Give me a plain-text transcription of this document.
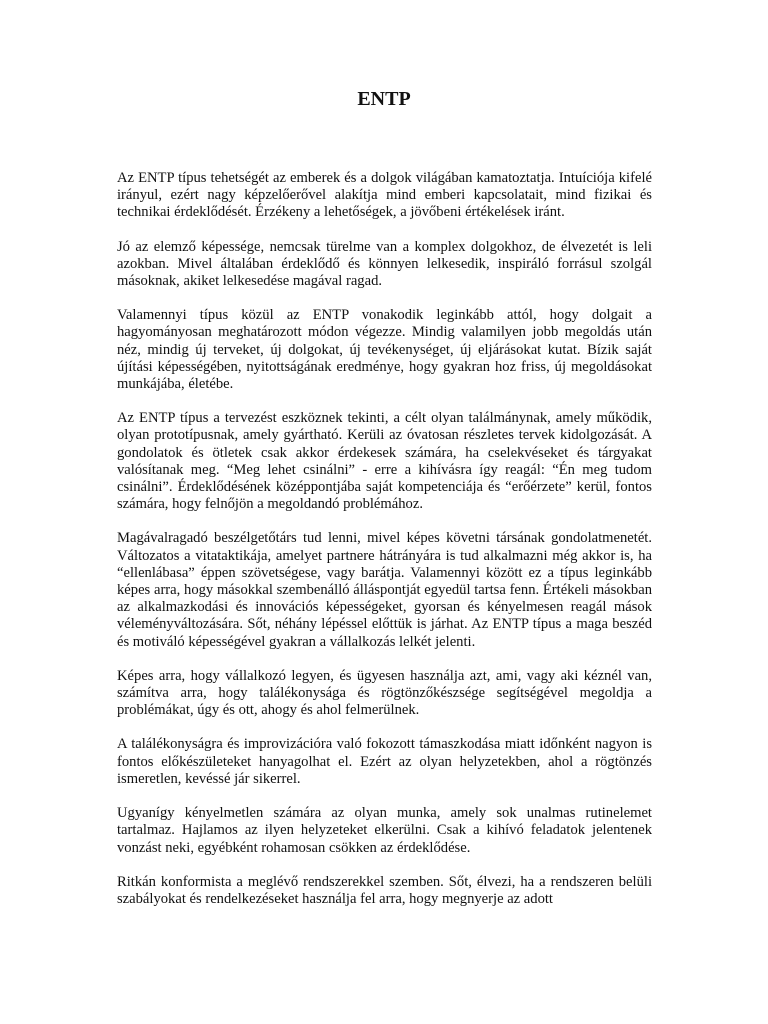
ENTP

Az ENTP típus tehetségét az emberek és a dolgok világában kamatoztatja. Intuíciója kifelé irányul, ezért nagy képzelőerővel alakítja mind emberi kapcsolatait, mind fizikai és technikai érdeklődését. Érzékeny a lehetőségek, a jövőbeni értékelések iránt.

Jó az elemző képessége, nemcsak türelme van a komplex dolgokhoz, de élvezetét is leli azokban. Mivel általában érdeklődő és könnyen lelkesedik, inspiráló forrásul szolgál másoknak, akiket lelkesedése magával ragad.

Valamennyi típus közül az ENTP vonakodik leginkább attól, hogy dolgait a hagyományosan meghatározott módon végezze. Mindig valamilyen jobb megoldás után néz, mindig új terveket, új dolgokat, új tevékenységet, új eljárásokat kutat. Bízik saját újítási képességében, nyitottságának eredménye, hogy gyakran hoz friss, új megoldásokat munkájába, életébe.

Az ENTP típus a tervezést eszköznek tekinti, a célt olyan találmánynak, amely működik, olyan prototípusnak, amely gyártható. Kerüli az óvatosan részletes tervek kidolgozását. A gondolatok és ötletek csak akkor érdekesek számára, ha cselekvéseket és tárgyakat valósítanak meg. “Meg lehet csinálni” - erre a kihívásra így reagál: “Én meg tudom csinálni”. Érdeklődésének középpontjába saját kompetenciája és “erőérzete” kerül, fontos számára, hogy felnőjön a megoldandó problémához.

Magávalragadó beszélgetőtárs tud lenni, mivel képes követni társának gondolatmenetét. Változatos a vitataktikája, amelyet partnere hátrányára is tud alkalmazni még akkor is, ha “ellenlábasa” éppen szövetségese, vagy barátja. Valamennyi között ez a típus leginkább képes arra, hogy másokkal szembenálló álláspontját egyedül tartsa fenn. Értékeli másokban az alkalmazkodási és innovációs képességeket, gyorsan és kényelmesen reagál mások véleményváltozására. Sőt, néhány lépéssel előttük is járhat. Az ENTP típus a maga beszéd és motiváló képességével gyakran a vállalkozás lelkét jelenti.

Képes arra, hogy vállalkozó legyen, és ügyesen használja azt, ami, vagy aki kéznél van, számítva arra, hogy találékonysága és rögtönzőkészsége segítségével megoldja a problémákat, úgy és ott, ahogy és ahol felmerülnek.

A találékonyságra és improvizációra való fokozott támaszkodása miatt időnként nagyon is fontos előkészületeket hanyagolhat el. Ezért az olyan helyzetekben, ahol a rögtönzés ismeretlen, kevéssé jár sikerrel.

Ugyanígy kényelmetlen számára az olyan munka, amely sok unalmas rutinelemet tartalmaz. Hajlamos az ilyen helyzeteket elkerülni. Csak a kihívó feladatok jelentenek vonzást neki, egyébként rohamosan csökken az érdeklődése.

Ritkán konformista a meglévő rendszerekkel szemben. Sőt, élvezi, ha a rendszeren belüli szabályokat és rendelkezéseket használja fel arra, hogy megnyerje az adott
